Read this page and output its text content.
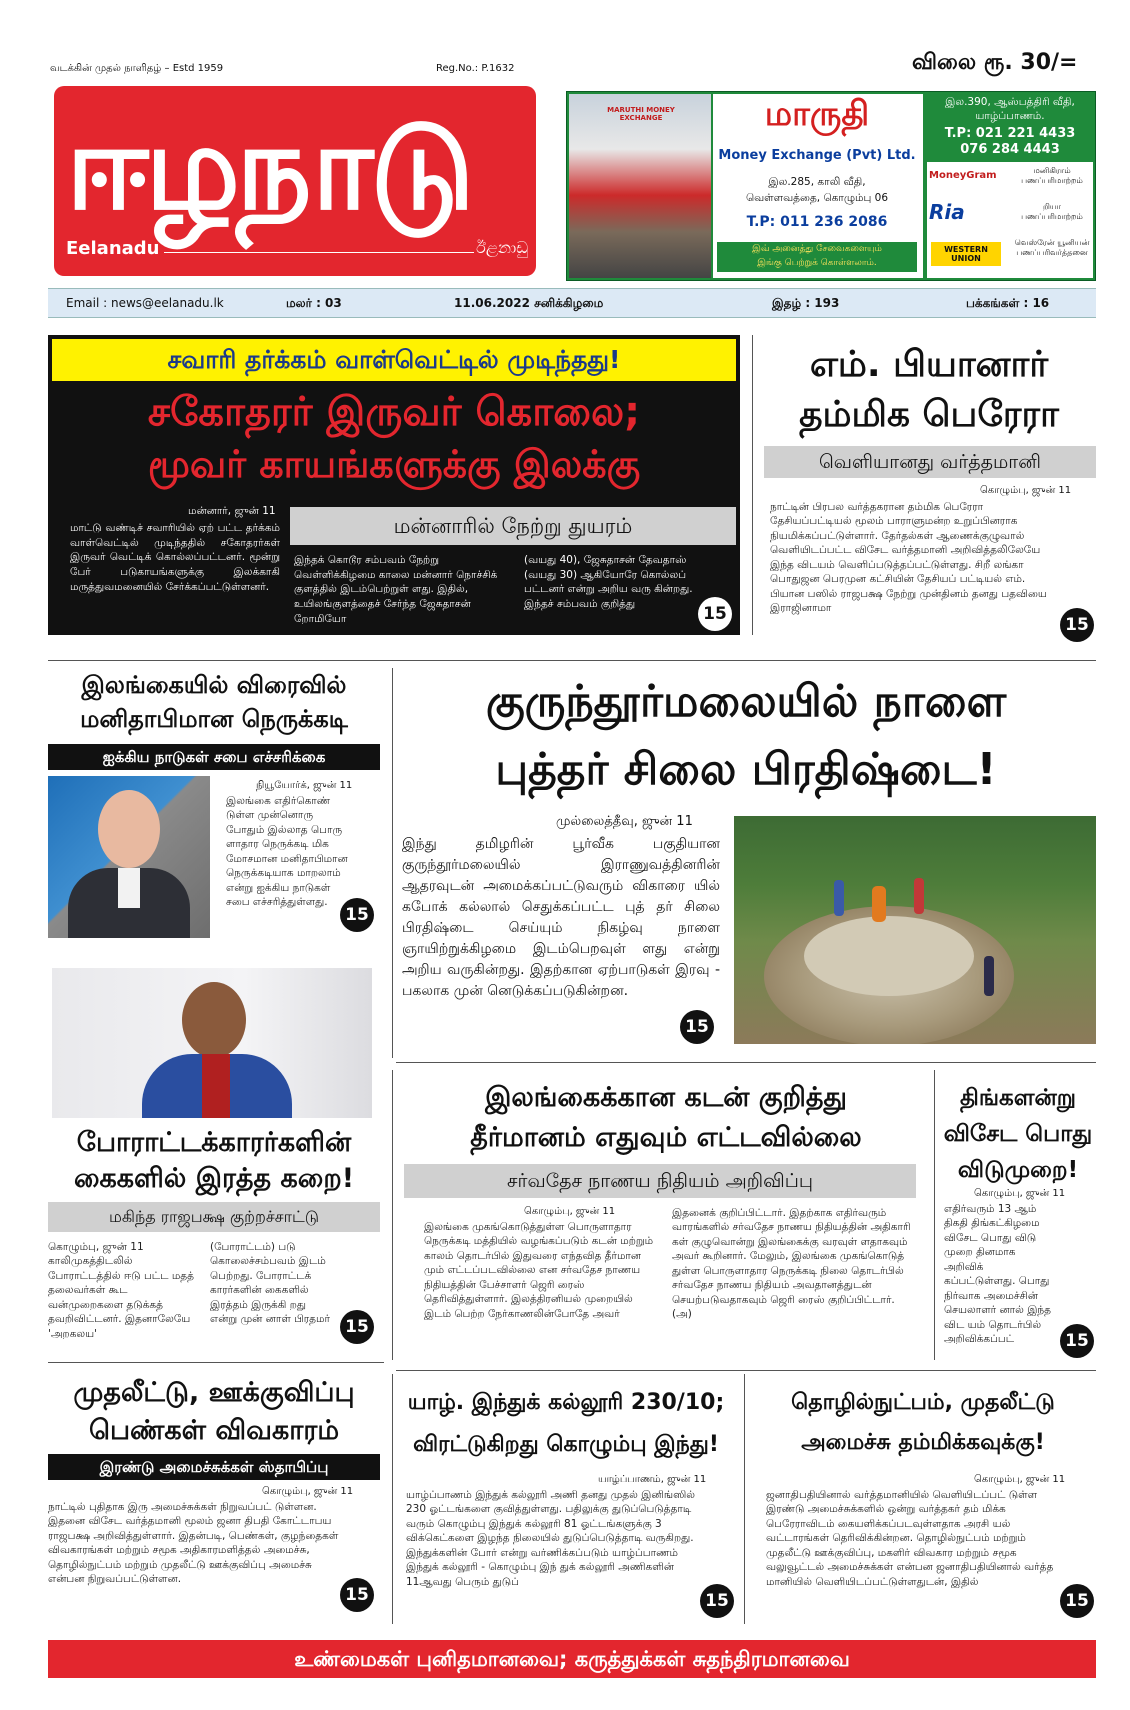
வடக்கின் முதல் நாளிதழ் – Estd 1959	Reg.No.: P.1632	விலை ரூ. 30/=
ஈழநாடு
Eelanadu	ඊළනාඩු
MARUTHI MONEY EXCHANGE	மாருதி
Money Exchange (Pvt) Ltd.
இல.285, காலி வீதி,
வெள்ளவத்தை, கொழும்பு 06
T.P: 011 236 2086
இவ் அனைத்து சேவைகளையும்
இங்கு பெற்றுக் கொள்ளலாம்.
இல.390, ஆஸ்பத்திரி வீதி,
யாழ்ப்பாணம்.
T.P: 021 221 4433
076 284 4443
MoneyGram	மனிகிராம் பணப்பரிமாற்றம்
Ria	றியா பணப்பரிமாற்றம்
WESTERN UNION
வெஸ்ரேன் யூனியன் பணப்பரிவர்த்தனை
Email : news@eelanadu.lk	மலர் : 03	11.06.2022 சனிக்கிழமை	இதழ் : 193	பக்கங்கள் : 16
சவாரி தர்க்கம் வாள்வெட்டில் முடிந்தது!
சகோதரர் இருவர் கொலை;
மூவர் காயங்களுக்கு இலக்கு
மன்னார், ஜுன் 11
மாட்டு வண்டிச் சவாரியில் ஏற் பட்ட தர்க்கம் வாள்வெட்டில் முடிந்ததில் சகோதரர்கள் இருவர் வெட்டிக் கொல்லப்பட்டனர். மூன்று பேர் படுகாயங்களுக்கு இலக்காகி மருத்துவமனையில் சேர்க்கப்பட்டுள்ளனர்.
மன்னாரில் நேற்று துயரம்
இந்தக் கொடூர சம்பவம் நேற்று வெள்ளிக்கிழமை காலை மன்னார் நொச்சிக் குளத்தில் இடம்பெற்றுள் ளது. இதில், உயிலங்குளத்தைச் சேர்ந்த ஜேசுதாசன் றோமியோ
(வயது 40), ஜேசுதாசன் தேவதாஸ் (வயது 30) ஆகியோரே கொல்லப் பட்டனர் என்று அறிய வரு கின்றது. இந்தச் சம்பவம் குறித்து	15
எம். பியானார் தம்மிக பெரேரா
வெளியானது வர்த்தமானி
கொழும்பு, ஜுன் 11
நாட்டின் பிரபல வர்த்தகரான தம்மிக பெரேரா தேசியப்பட்டியல் மூலம் பாராளுமன்ற உறுப்பினராக நியமிக்கப்பட்டுள்ளார். தேர்தல்கள் ஆணைக்குழுவால் வெளியிடப்பட்ட விசேட வர்த்தமானி அறிவித்தலிலேயே இந்த விடயம் வெளிப்படுத்தப்பட்டுள்ளது. சிறீ லங்கா பொதுஜன பெரமுன கட்சியின் தேசியப் பட்டியல் எம். பியான பஸில் ராஜபக்ஷ நேற்று முன்தினம் தனது பதவியை இராஜினாமா
15
இலங்கையில் விரைவில் மனிதாபிமான நெருக்கடி
ஐக்கிய நாடுகள் சபை எச்சரிக்கை
நியூயோர்க், ஜுன் 11
இலங்கை எதிர்கொண் டுள்ள முன்னொரு போதும் இல்லாத பொரு ளாதார நெருக்கடி மிக மோசமான மனிதாபிமான நெருக்கடியாக மாறலாம் என்று ஐக்கிய நாடுகள் சபை எச்சரித்துள்ளது.
15
குருந்தூர்மலையில் நாளை
புத்தர் சிலை பிரதிஷ்டை!
முல்லைத்தீவு, ஜுன் 11
இந்து தமிழரின் பூர்வீக பகுதியான குருந்தூர்மலையில் இராணுவத்தினரின் ஆதரவுடன் அமைக்கப்பட்டுவரும் விகாரை யில் கபோக் கல்லால் செதுக்கப்பட்ட புத் தர் சிலை பிரதிஷ்டை செய்யும் நிகழ்வு நாளை ஞாயிற்றுக்கிழமை இடம்பெறவுள் ளது என்று அறிய வருகின்றது. இதற்கான ஏற்பாடுகள் இரவு - பகலாக முன் னெடுக்கப்படுகின்றன.
15
போராட்டக்காரர்களின்
கைகளில் இரத்த கறை!
மகிந்த ராஜபக்ஷ குற்றச்சாட்டு
கொழும்பு, ஜுன் 11 காலிமுகத்திடலில் போராட்டத்தில் ஈடு பட்ட மதத் தலைவர்கள் கூட வன்முறைகளை தடுக்கத் தவறிவிட்டனர். இதனாலேயே 'அறகலய'
(போராட்டம்) படு கொலைச்சம்பவம் இடம் பெற்றது. போராட்டக் காரர்களின் கைகளில் இரத்தம் இருக்கி றது என்று முன் னாள் பிரதமர் 15
இலங்கைக்கான கடன் குறித்து
தீர்மானம் எதுவும் எட்டவில்லை
சர்வதேச நாணய நிதியம் அறிவிப்பு
கொழும்பு, ஜுன் 11
இலங்கை முகங்கொடுத்துள்ள பொருளாதார நெருக்கடி மத்தியில் வழங்கப்படும் கடன் மற்றும் காலம் தொடர்பில் இதுவரை எந்தவித தீர்மான மும் எட்டப்படவில்லை என சர்வதேச நாணய நிதியத்தின் பேச்சாளர் ஜெரி ரைஸ் தெரிவித்துள்ளார். இலத்திரனியல் முறையில் இடம் பெற்ற நேர்காணலின்போதே அவர்
இதனைக் குறிப்பிட்டார். இதற்காக எதிர்வரும் வாரங்களில் சர்வதேச நாணய நிதியத்தின் அதிகாரி கள் குழுவொன்று இலங்கைக்கு வரவுள் ளதாகவும் அவர் கூறினார். மேலும், இலங்கை முகங்கொடுத் துள்ள பொருளாதார நெருக்கடி நிலை தொடர்பில் சர்வதேச நாணய நிதியம் அவதானத்துடன் செயற்படுவதாகவும் ஜெரி ரைஸ் குறிப்பிட்டார். (அ)
திங்களன்று விசேட பொது விடுமுறை!
கொழும்பு, ஜுன் 11
எதிர்வரும் 13 ஆம் திகதி திங்கட்கிழமை விசேட பொது விடு முறை தினமாக அறிவிக் கப்பட்டுள்ளது. பொது நிர்வாக அமைச்சின் செயலாளர் னால் இந்த விட யம் தொடர்பில் அறிவிக்கப்பட்	15
முதலீட்டு, ஊக்குவிப்பு
பெண்கள் விவகாரம்
இரண்டு அமைச்சுக்கள் ஸ்தாபிப்பு
கொழும்பு, ஜுன் 11
நாட்டில் புதிதாக இரு அமைச்சுக்கள் நிறுவப்பட் டுள்ளன. இதனை விசேட வர்த்தமானி மூலம் ஜனா திபதி கோட்டாபய ராஜபக்ஷ அறிவித்துள்ளார். இதன்படி, பெண்கள், குழந்தைகள் விவகாரங்கள் மற்றும் சமூக அதிகாரமளித்தல் அமைச்சு, தொழில்நுட்பம் மற்றும் முதலீட்டு ஊக்குவிப்பு அமைச்சு என்பன நிறுவப்பட்டுள்ளன.
15
யாழ். இந்துக் கல்லூரி 230/10;
விரட்டுகிறது கொழும்பு இந்து!
யாழ்ப்பாணம், ஜுன் 11
யாழ்ப்பாணம் இந்துக் கல்லூரி அணி தனது முதல் இனிங்ஸில் 230 ஓட்டங்களை குவித்துள்ளது. பதிலுக்கு துடுப்பெடுத்தாடி வரும் கொழும்பு இந்துக் கல்லூரி 81 ஓட்டங்களுக்கு 3 விக்கெட்களை இழந்த நிலையில் துடுப்பெடுத்தாடி வருகிறது. இந்துக்களின் போர் என்று வர்ணிக்கப்படும் யாழ்ப்பாணம் இந்துக் கல்லூரி - கொழும்பு இந் துக் கல்லூரி அணிகளின் 11ஆவது பெரும் துடுப்
15
தொழில்நுட்பம், முதலீட்டு
அமைச்சு தம்மிக்கவுக்கு!
கொழும்பு, ஜுன் 11
ஜனாதிபதியினால் வர்த்தமானியில் வெளியிடப்பட் டுள்ள இரண்டு அமைச்சுக்களில் ஒன்று வர்த்தகர் தம் மிக்க பெரேராவிடம் கையளிக்கப்படவுள்ளதாக அரசி யல் வட்டாரங்கள் தெரிவிக்கின்றன. தொழில்நுட்பம் மற்றும் முதலீட்டு ஊக்குவிப்பு, மகளிர் விவகார மற்றும் சமூக வலுவூட்டல் அமைச்சுக்கள் என்பன ஜனாதிபதியினால் வர்த்த மானியில் வெளியிடப்பட்டுள்ளதுடன், இதில்
15
உண்மைகள் புனிதமானவை; கருத்துக்கள் சுதந்திரமானவை
